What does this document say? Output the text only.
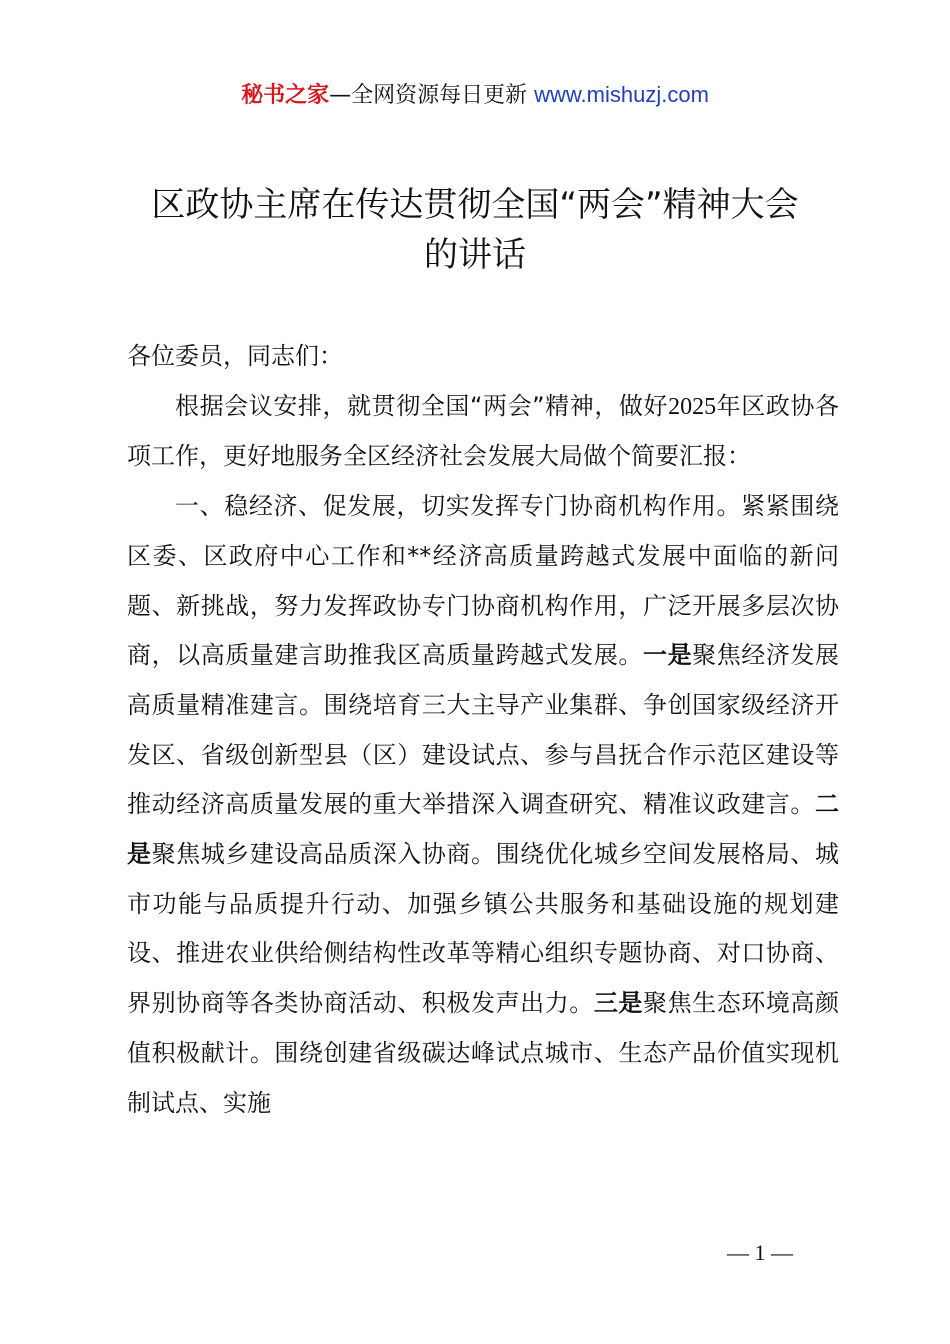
秘书之家—全网资源每日更新 www.mishuzj.com
区政协主席在传达贯彻全国“两会”精神大会
的讲话

各位委员，同志们：

根据会议安排，就贯彻全国“两会”精神，做好2025年区政协各项工作，更好地服务全区经济社会发展大局做个简要汇报：

一、稳经济、促发展，切实发挥专门协商机构作用。紧紧围绕区委、区政府中心工作和**经济高质量跨越式发展中面临的新问题、新挑战，努力发挥政协专门协商机构作用，广泛开展多层次协商，以高质量建言助推我区高质量跨越式发展。一是聚焦经济发展高质量精准建言。围绕培育三大主导产业集群、争创国家级经济开发区、省级创新型县（区）建设试点、参与昌抚合作示范区建设等推动经济高质量发展的重大举措深入调查研究、精准议政建言。二是聚焦城乡建设高品质深入协商。围绕优化城乡空间发展格局、城市功能与品质提升行动、加强乡镇公共服务和基础设施的规划建设、推进农业供给侧结构性改革等精心组织专题协商、对口协商、界别协商等各类协商活动、积极发声出力。三是聚焦生态环境高颜值积极献计。围绕创建省级碳达峰试点城市、生态产品价值实现机制试点、实施

— 1 —
